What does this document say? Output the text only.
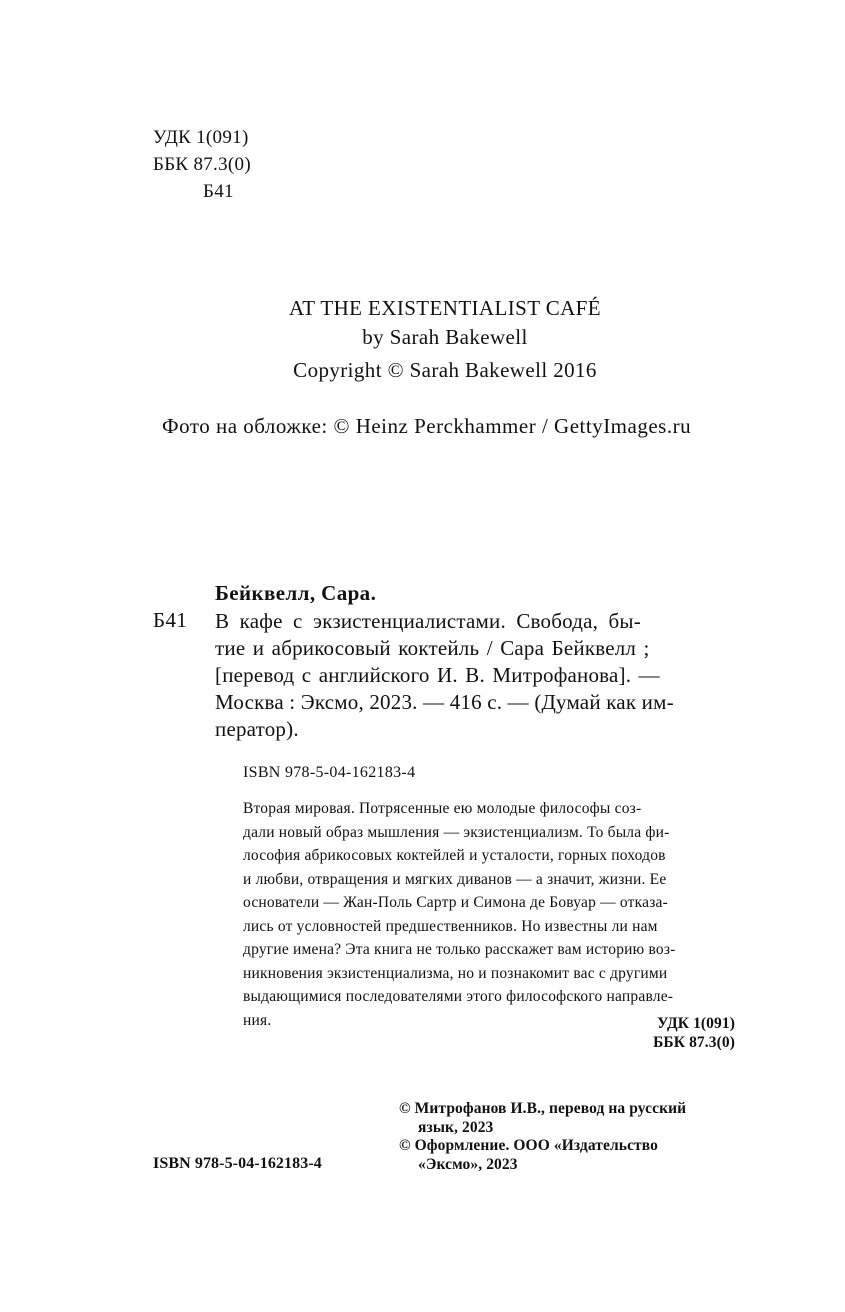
УДК 1(091)
ББК 87.3(0)
Б41
AT THE EXISTENTIALIST CAFÉ
by Sarah Bakewell
Copyright © Sarah Bakewell 2016
Фото на обложке: © Heinz Perckhammer / GettyImages.ru
Бейквелл, Сара.
Б41 В кафе с экзистенциалистами. Свобода, бы-
тие и абрикосовый коктейль / Сара Бейквелл ;
[перевод с английского И. В. Митрофанова]. —
Москва : Эксмо, 2023. — 416 с. — (Думай как им-
ператор).
ISBN 978-5-04-162183-4
Вторая мировая. Потрясенные ею молодые философы соз-
дали новый образ мышления — экзистенциализм. То была фи-
лософия абрикосовых коктейлей и усталости, горных походов
и любви, отвращения и мягких диванов — а значит, жизни. Ее
основатели — Жан-Поль Сартр и Симона де Бовуар — отказа-
лись от условностей предшественников. Но известны ли нам
другие имена? Эта книга не только расскажет вам историю воз-
никновения экзистенциализма, но и познакомит вас с другими
выдающимися последователями этого философского направле-
ния.	УДК 1(091)
ББК 87.3(0)
ISBN 978-5-04-162183-4
© Митрофанов И.В., перевод на русский
язык, 2023
© Оформление. ООО «Издательство
«Эксмо», 2023
